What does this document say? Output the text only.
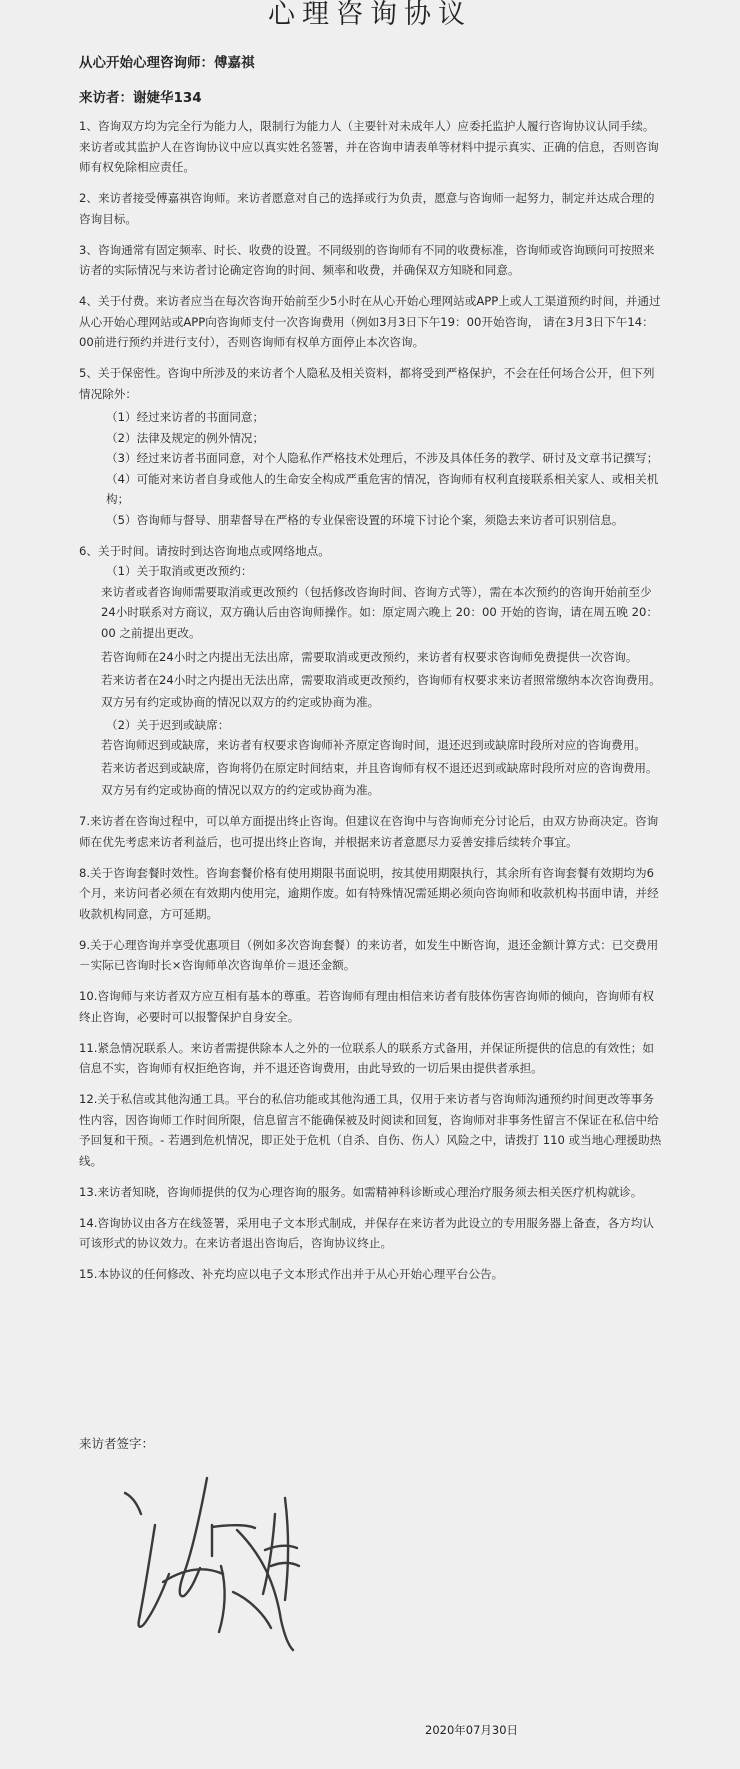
心理咨询协议
从心开始心理咨询师：傅嘉祺
来访者：谢婕华134

1、咨询双方均为完全行为能力人，限制行为能力人（主要针对未成年人）应委托监护人履行咨询协议认同手续。来访者或其监护人在咨询协议中应以真实姓名签署，并在咨询申请表单等材料中提示真实、正确的信息，否则咨询师有权免除相应责任。

2、来访者接受傅嘉祺咨询师。来访者愿意对自己的选择或行为负责，愿意与咨询师一起努力，制定并达成合理的咨询目标。

3、咨询通常有固定频率、时长、收费的设置。不同级别的咨询师有不同的收费标准，咨询师或咨询顾问可按照来访者的实际情况与来访者讨论确定咨询的时间、频率和收费，并确保双方知晓和同意。

4、关于付费。来访者应当在每次咨询开始前至少5小时在从心开始心理网站或APP上或人工渠道预约时间，并通过从心开始心理网站或APP向咨询师支付一次咨询费用（例如3月3日下午19：00开始咨询， 请在3月3日下午14：00前进行预约并进行支付），否则咨询师有权单方面停止本次咨询。

5、关于保密性。咨询中所涉及的来访者个人隐私及相关资料，都将受到严格保护，不会在任何场合公开，但下列情况除外：

（1）经过来访者的书面同意；

（2）法律及规定的例外情况；

（3）经过来访者书面同意，对个人隐私作严格技术处理后，不涉及具体任务的教学、研讨及文章书记撰写；

（4）可能对来访者自身或他人的生命安全构成严重危害的情况，咨询师有权利直接联系相关家人、或相关机构；

（5）咨询师与督导、朋辈督导在严格的专业保密设置的环境下讨论个案，须隐去来访者可识别信息。

6、关于时间。请按时到达咨询地点或网络地点。

（1）关于取消或更改预约：

来访者或者咨询师需要取消或更改预约（包括修改咨询时间、咨询方式等），需在本次预约的咨询开始前至少24小时联系对方商议，双方确认后由咨询师操作。如：原定周六晚上 20：00 开始的咨询，请在周五晚 20：00 之前提出更改。

若咨询师在24小时之内提出无法出席，需要取消或更改预约，来访者有权要求咨询师免费提供一次咨询。

若来访者在24小时之内提出无法出席，需要取消或更改预约，咨询师有权要求来访者照常缴纳本次咨询费用。

双方另有约定或协商的情况以双方的约定或协商为准。

（2）关于迟到或缺席：

若咨询师迟到或缺席，来访者有权要求咨询师补齐原定咨询时间，退还迟到或缺席时段所对应的咨询费用。

若来访者迟到或缺席，咨询将仍在原定时间结束，并且咨询师有权不退还迟到或缺席时段所对应的咨询费用。

双方另有约定或协商的情况以双方的约定或协商为准。

7.来访者在咨询过程中，可以单方面提出终止咨询。但建议在咨询中与咨询师充分讨论后，由双方协商决定。咨询师在优先考虑来访者利益后，也可提出终止咨询，并根据来访者意愿尽力妥善安排后续转介事宜。

8.关于咨询套餐时效性。咨询套餐价格有使用期限书面说明，按其使用期限执行，其余所有咨询套餐有效期均为6个月，来访问者必须在有效期内使用完，逾期作废。如有特殊情况需延期必须向咨询师和收款机构书面申请，并经收款机构同意，方可延期。

9.关于心理咨询并享受优惠项目（例如多次咨询套餐）的来访者，如发生中断咨询，退还金额计算方式：已交费用－实际已咨询时长×咨询师单次咨询单价＝退还金额。

10.咨询师与来访者双方应互相有基本的尊重。若咨询师有理由相信来访者有肢体伤害咨询师的倾向，咨询师有权终止咨询，必要时可以报警保护自身安全。

11.紧急情况联系人。来访者需提供除本人之外的一位联系人的联系方式备用，并保证所提供的信息的有效性；如信息不实，咨询师有权拒绝咨询，并不退还咨询费用，由此导致的一切后果由提供者承担。

12.关于私信或其他沟通工具。平台的私信功能或其他沟通工具，仅用于来访者与咨询师沟通预约时间更改等事务性内容，因咨询师工作时间所限，信息留言不能确保被及时阅读和回复，咨询师对非事务性留言不保证在私信中给予回复和干预。- 若遇到危机情况，即正处于危机（自杀、自伤、伤人）风险之中，请拨打 110 或当地心理援助热线。

13.来访者知晓，咨询师提供的仅为心理咨询的服务。如需精神科诊断或心理治疗服务须去相关医疗机构就诊。

14.咨询协议由各方在线签署，采用电子文本形式制成，并保存在来访者为此设立的专用服务器上备查，各方均认可该形式的协议效力。在来访者退出咨询后，咨询协议终止。

15.本协议的任何修改、补充均应以电子文本形式作出并于从心开始心理平台公告。

来访者签字：
2020年07月30日
